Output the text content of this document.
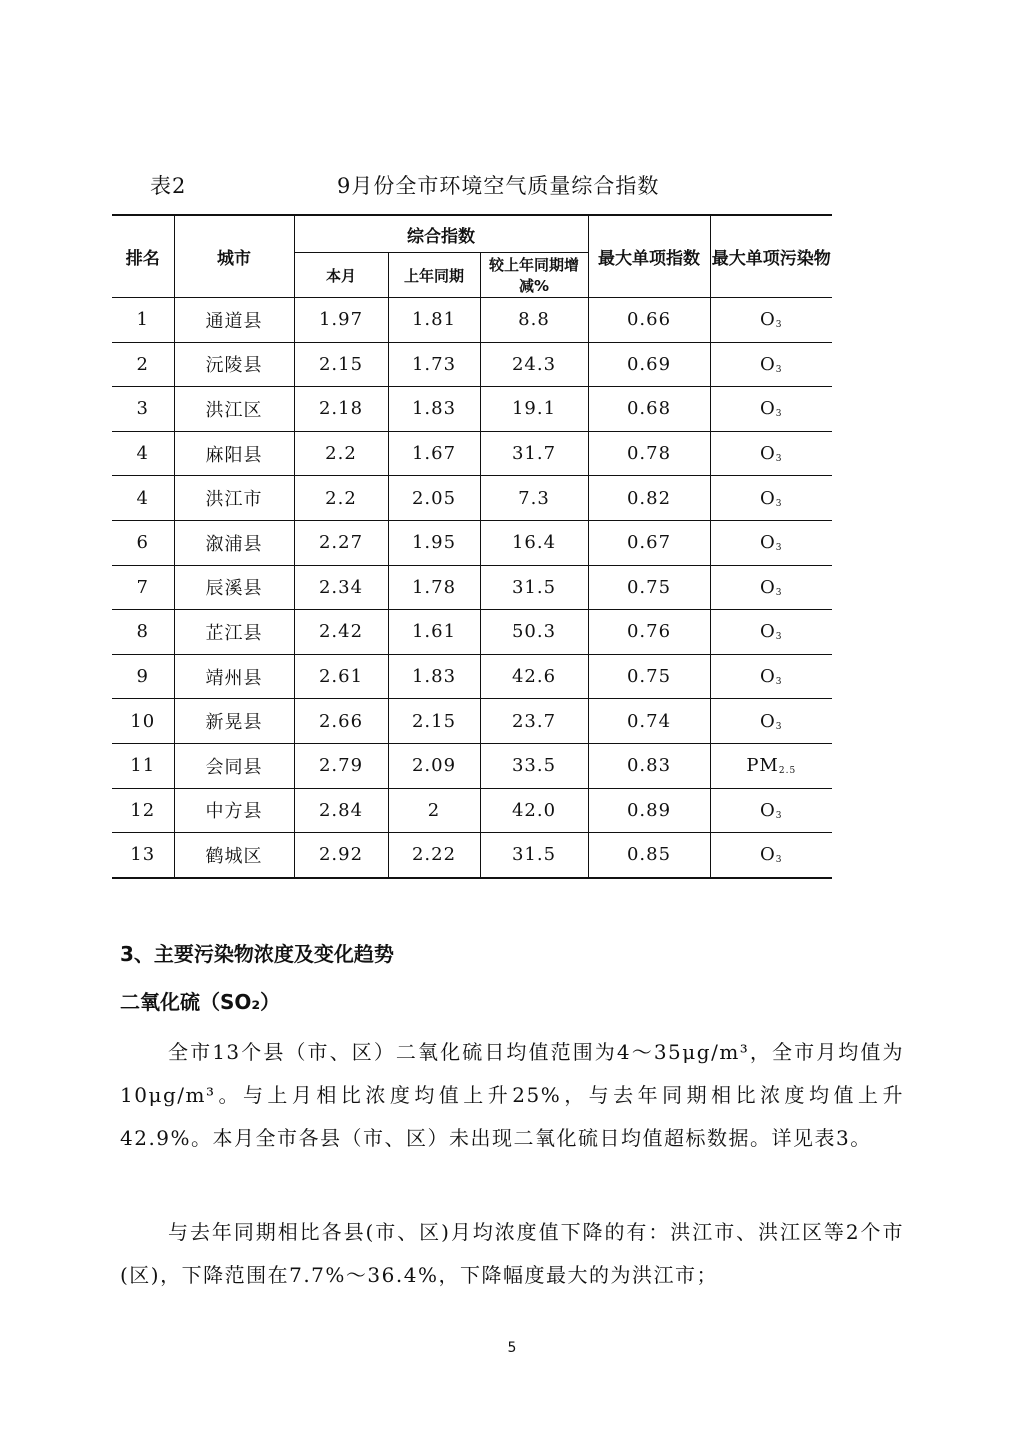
表2	9月份全市环境空气质量综合指数
排名	城市	综合指数			最大单项指数	最大单项污染物
		本月	上年同期	较上年同期增减%		
1	通道县	1.97	1.81	8.8	0.66	$O_3$
2	沅陵县	2.15	1.73	24.3	0.69	$O_3$
3	洪江区	2.18	1.83	19.1	0.68	$O_3$
4	麻阳县	2.2	1.67	31.7	0.78	$O_3$
4	洪江市	2.2	2.05	7.3	0.82	$O_3$
6	溆浦县	2.27	1.95	16.4	0.67	$O_3$
7	辰溪县	2.34	1.78	31.5	0.75	$O_3$
8	芷江县	2.42	1.61	50.3	0.76	$O_3$
9	靖州县	2.61	1.83	42.6	0.75	$O_3$
10	新晃县	2.66	2.15	23.7	0.74	$O_3$
11	会同县	2.79	2.09	33.5	0.83	$PM_{2.5}$
12	中方县	2.84	2	42.0	0.89	$O_3$
13	鹤城区	2.92	2.22	31.5	0.85	$O_3$
3、主要污染物浓度及变化趋势
二氧化硫（SO₂）
全市13个县（市、区）二氧化硫日均值范围为4～35μg/m³，全市月均值为10μg/m³。与上月相比浓度均值上升25%，与去年同期相比浓度均值上升42.9%。本月全市各县（市、区）未出现二氧化硫日均值超标数据。详见表3。
与去年同期相比各县(市、区)月均浓度值下降的有：洪江市、洪江区等2个市(区)，下降范围在7.7%～36.4%，下降幅度最大的为洪江市；
5
